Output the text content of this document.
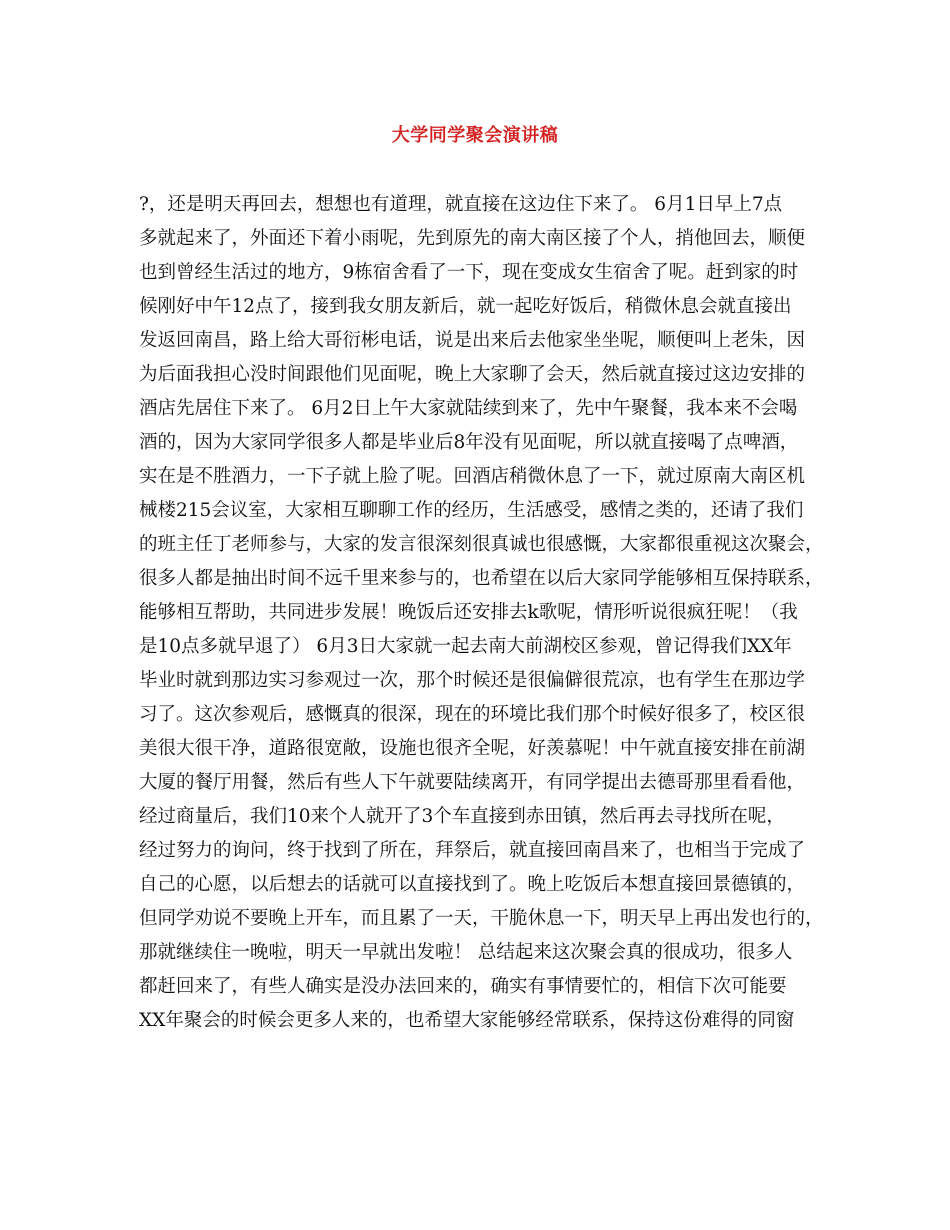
大学同学聚会演讲稿
?，还是明天再回去，想想也有道理，就直接在这边住下来了。 6月1日早上7点
多就起来了，外面还下着小雨呢，先到原先的南大南区接了个人，捎他回去，顺便
也到曾经生活过的地方，9栋宿舍看了一下，现在变成女生宿舍了呢。赶到家的时
候刚好中午12点了，接到我女朋友新后，就一起吃好饭后，稍微休息会就直接出
发返回南昌，路上给大哥衍彬电话，说是出来后去他家坐坐呢，顺便叫上老朱，因
为后面我担心没时间跟他们见面呢，晚上大家聊了会天，然后就直接过这边安排的
酒店先居住下来了。 6月2日上午大家就陆续到来了，先中午聚餐，我本来不会喝
酒的，因为大家同学很多人都是毕业后8年没有见面呢，所以就直接喝了点啤酒，
实在是不胜酒力，一下子就上脸了呢。回酒店稍微休息了一下，就过原南大南区机
械楼215会议室，大家相互聊聊工作的经历，生活感受，感情之类的，还请了我们
的班主任丁老师参与，大家的发言很深刻很真诚也很感慨，大家都很重视这次聚会，
很多人都是抽出时间不远千里来参与的，也希望在以后大家同学能够相互保持联系，
能够相互帮助，共同进步发展！晚饭后还安排去k歌呢，情形听说很疯狂呢！（我
是10点多就早退了） 6月3日大家就一起去南大前湖校区参观，曾记得我们XX年
毕业时就到那边实习参观过一次，那个时候还是很偏僻很荒凉，也有学生在那边学
习了。这次参观后，感慨真的很深，现在的环境比我们那个时候好很多了，校区很
美很大很干净，道路很宽敞，设施也很齐全呢，好羡慕呢！中午就直接安排在前湖
大厦的餐厅用餐，然后有些人下午就要陆续离开，有同学提出去德哥那里看看他，
经过商量后，我们10来个人就开了3个车直接到赤田镇，然后再去寻找所在呢，
经过努力的询问，终于找到了所在，拜祭后，就直接回南昌来了，也相当于完成了
自己的心愿，以后想去的话就可以直接找到了。晚上吃饭后本想直接回景德镇的，
但同学劝说不要晚上开车，而且累了一天，干脆休息一下，明天早上再出发也行的，
那就继续住一晚啦，明天一早就出发啦！ 总结起来这次聚会真的很成功，很多人
都赶回来了，有些人确实是没办法回来的，确实有事情要忙的，相信下次可能要
XX年聚会的时候会更多人来的，也希望大家能够经常联系，保持这份难得的同窗
